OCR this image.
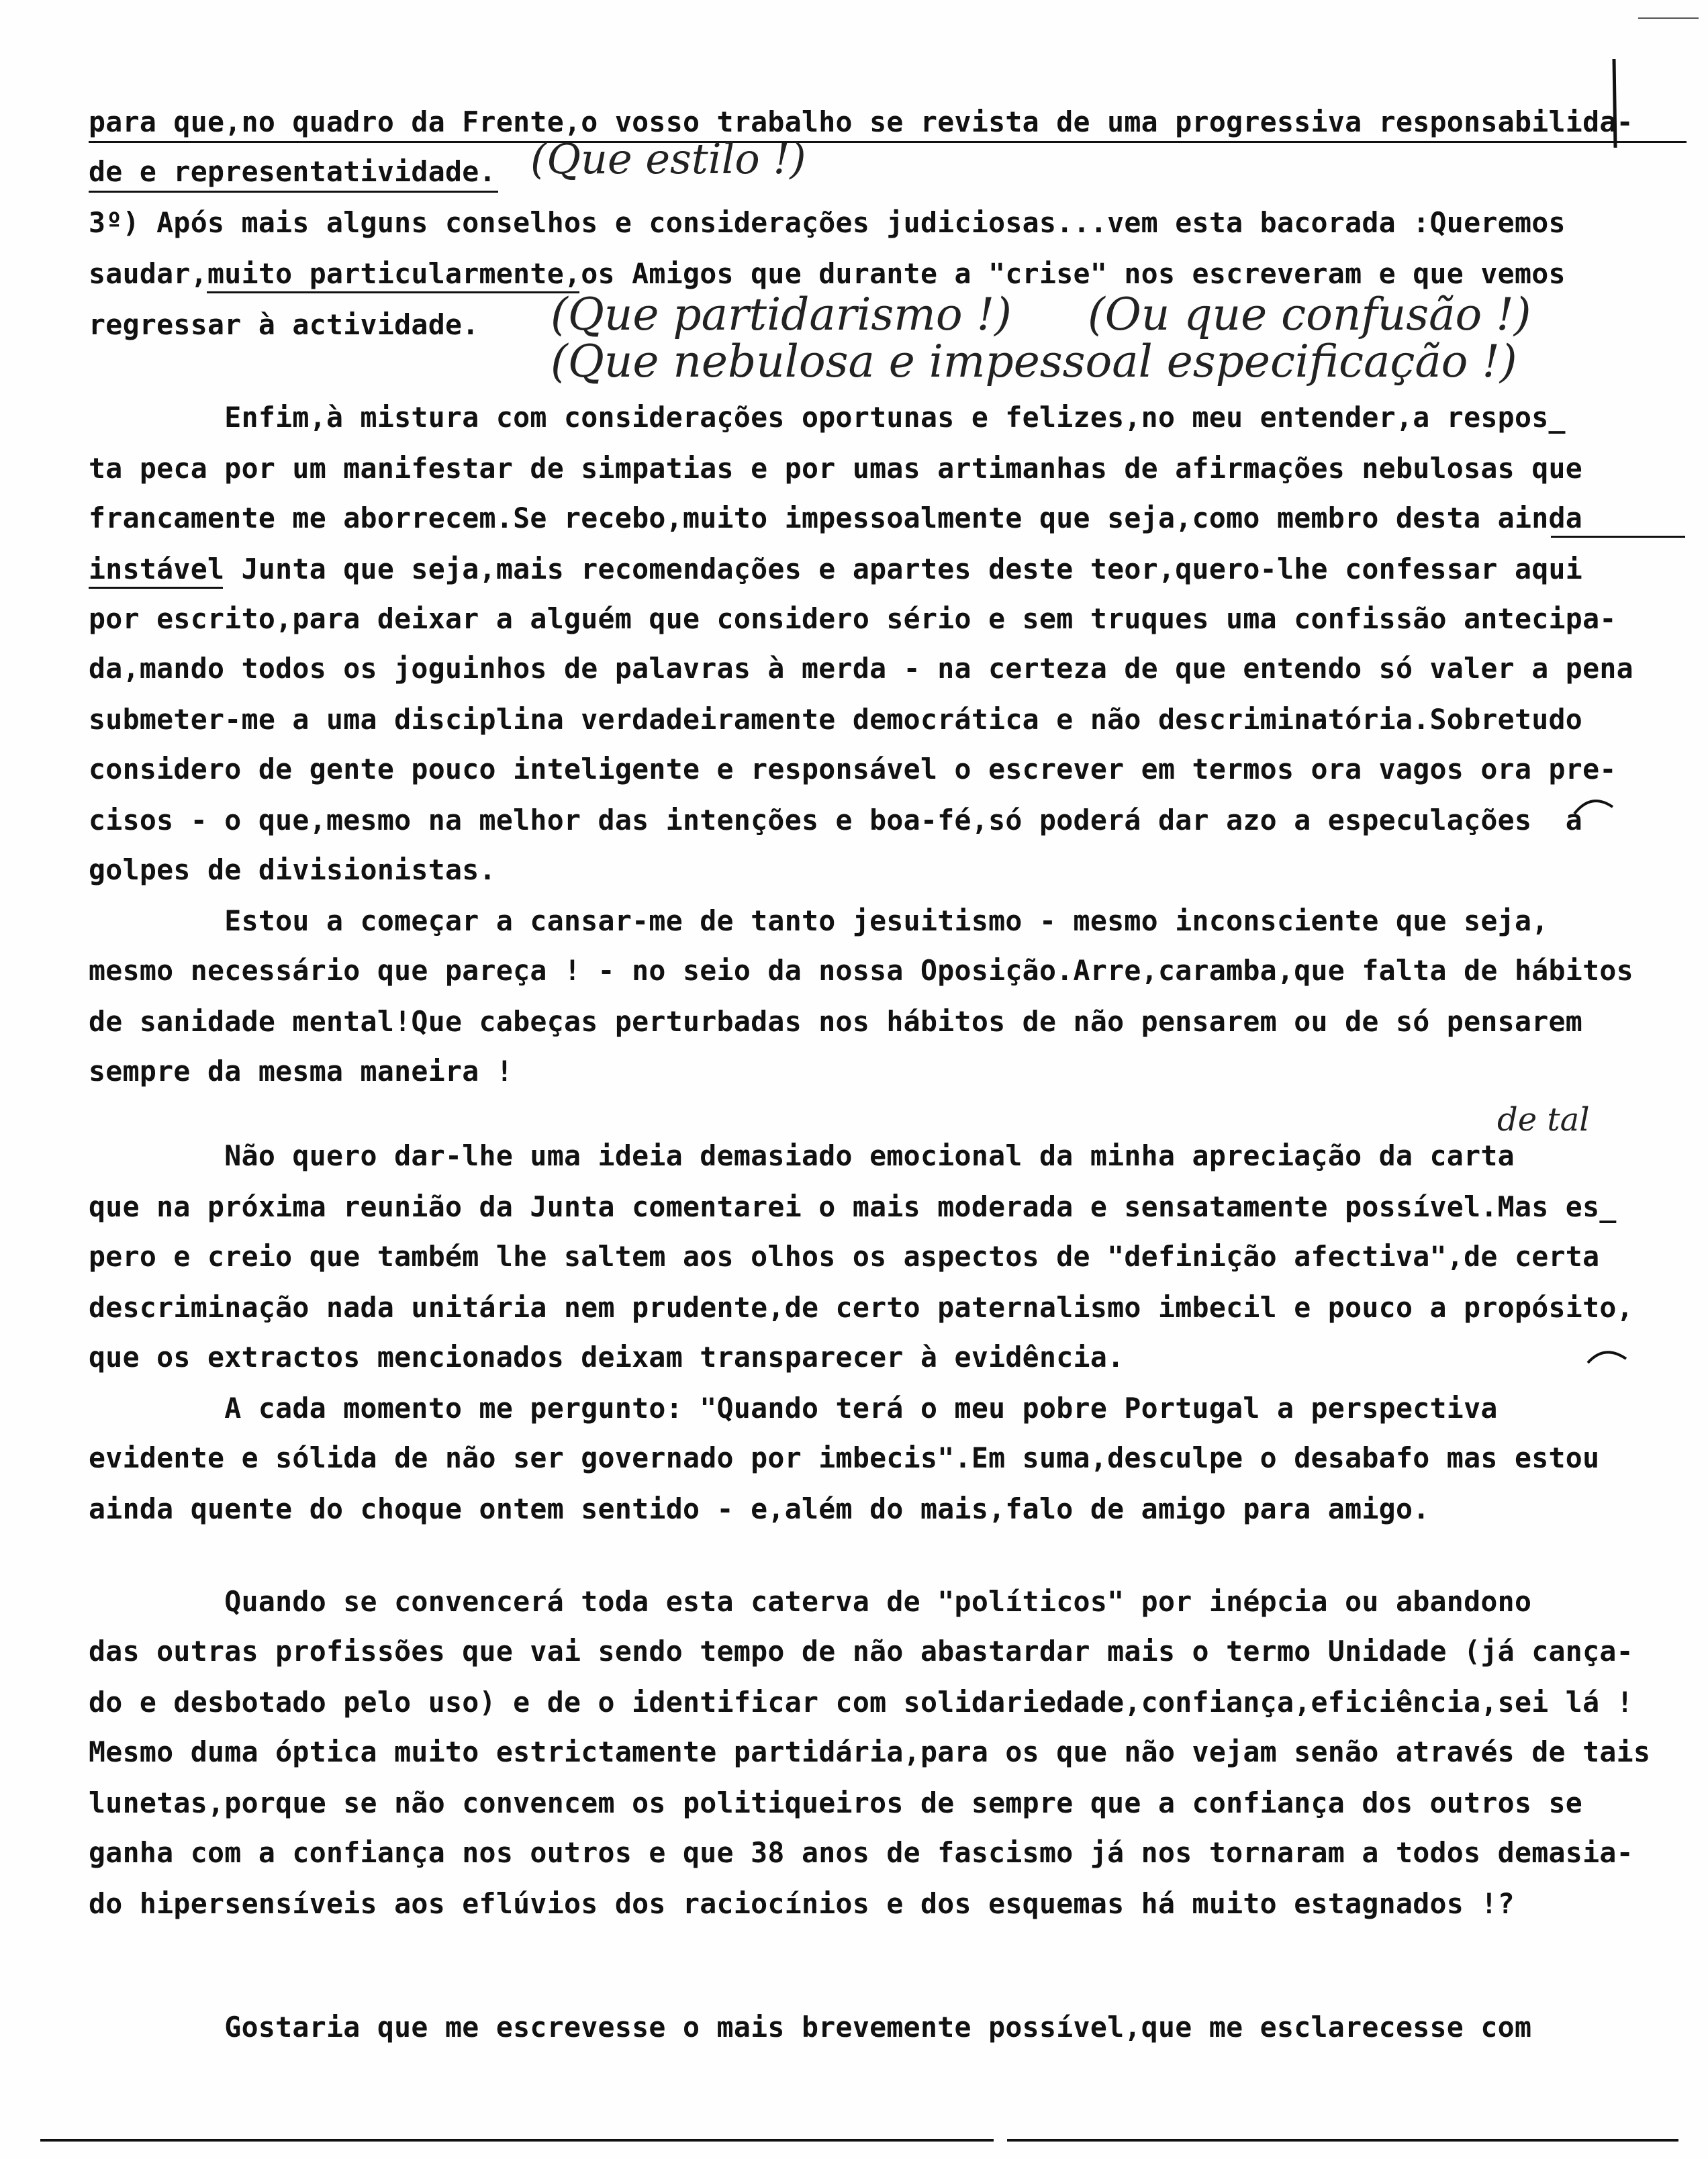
para que,no quadro da Frente,o vosso trabalho se revista de uma progressiva responsabilida-
de e representatividade.
3º) Após mais alguns conselhos e considerações judiciosas...vem esta bacorada :Queremos
saudar,muito particularmente,os Amigos que durante a "crise" nos escreveram e que vemos
regressar à actividade.
Enfim,à mistura com considerações oportunas e felizes,no meu entender,a respos_
ta peca por um manifestar de simpatias e por umas artimanhas de afirmações nebulosas que
francamente me aborrecem.Se recebo,muito impessoalmente que seja,como membro desta ainda
instável Junta que seja,mais recomendações e apartes deste teor,quero-lhe confessar aqui
por escrito,para deixar a alguém que considero sério e sem truques uma confissão antecipa-
da,mando todos os joguinhos de palavras à merda - na certeza de que entendo só valer a pena
submeter-me a uma disciplina verdadeiramente democrática e não descriminatória.Sobretudo
considero de gente pouco inteligente e responsável o escrever em termos ora vagos ora pre-
cisos - o que,mesmo na melhor das intenções e boa-fé,só poderá dar azo a especulações  a
golpes de divisionistas.
Estou a começar a cansar-me de tanto jesuitismo - mesmo inconsciente que seja,
mesmo necessário que pareça ! - no seio da nossa Oposição.Arre,caramba,que falta de hábitos
de sanidade mental!Que cabeças perturbadas nos hábitos de não pensarem ou de só pensarem
sempre da mesma maneira !
Não quero dar-lhe uma ideia demasiado emocional da minha apreciação da carta
que na próxima reunião da Junta comentarei o mais moderada e sensatamente possível.Mas es_
pero e creio que também lhe saltem aos olhos os aspectos de "definição afectiva",de certa
descriminação nada unitária nem prudente,de certo paternalismo imbecil e pouco a propósito,
que os extractos mencionados deixam transparecer à evidência.
A cada momento me pergunto: "Quando terá o meu pobre Portugal a perspectiva
evidente e sólida de não ser governado por imbecis".Em suma,desculpe o desabafo mas estou
ainda quente do choque ontem sentido - e,além do mais,falo de amigo para amigo.
Quando se convencerá toda esta caterva de "políticos" por inépcia ou abandono
das outras profissões que vai sendo tempo de não abastardar mais o termo Unidade (já cança-
do e desbotado pelo uso) e de o identificar com solidariedade,confiança,eficiência,sei lá !
Mesmo duma óptica muito estrictamente partidária,para os que não vejam senão através de tais
lunetas,porque se não convencem os politiqueiros de sempre que a confiança dos outros se
ganha com a confiança nos outros e que 38 anos de fascismo já nos tornaram a todos demasia-
do hipersensíveis aos eflúvios dos raciocínios e dos esquemas há muito estagnados !?
Gostaria que me escrevesse o mais brevemente possível,que me esclarecesse com
(Que estilo !)
(Que partidarismo !) (Ou que confusão !)
(Que nebulosa e impessoal especificação !)
de tal
